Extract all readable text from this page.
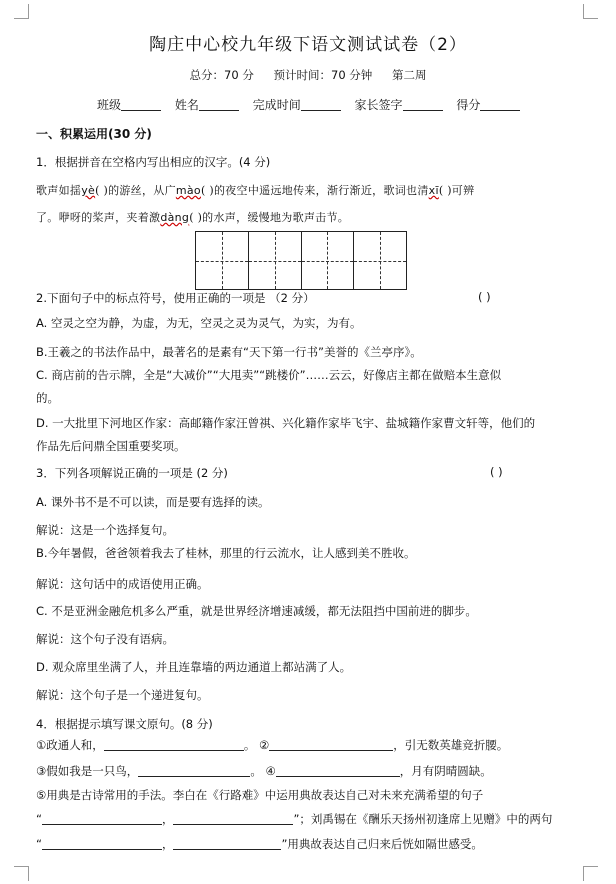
陶庄中心校九年级下语文测试试卷（2）
总分：70 分 预计时间：70 分钟 第二周
班级	姓名	完成时间	家长签字	得分
一、积累运用(30 分)
1．根据拼音在空格内写出相应的汉字。(4 分)
歌声如揺yè( )的游丝，从广mào( )的夜空中遥远地传来，渐行渐近，歌词也清xī( )可辨
了。咿呀的桨声，夹着激dàng( )的水声，缓慢地为歌声击节。
2.下面句子中的标点符号，使用正确的一项是 （2 分）	( )
A. 空灵之空为静，为虚，为无，空灵之灵为灵气，为实，为有。
B.王羲之的书法作品中，最著名的是素有“天下第一行书”美誉的《兰亭序》。
C. 商店前的告示牌，全是“大减价”“大甩卖”“跳楼价”……云云，好像店主都在做赔本生意似
的。
D. 一大批里下河地区作家：高邮籍作家汪曾祺、兴化籍作家毕飞宇、盐城籍作家曹文轩等，他们的
作品先后问鼎全国重要奖项。
3．下列各项解说正确的一项是 (2 分)	( )
A. 课外书不是不可以读，而是要有选择的读。
解说：这是一个选择复句。
B.今年暑假，爸爸领着我去了桂林，那里的行云流水，让人感到美不胜收。
解说：这句话中的成语使用正确。
C. 不是亚洲金融危机多么严重，就是世界经济增速减缓，都无法阻挡中国前进的脚步。
解说：这个句子没有语病。
D. 观众席里坐满了人，并且连靠墙的两边通道上都站满了人。
解说：这个句子是一个递进复句。
4．根据提示填写课文原句。(8 分)
①政通人和，	。 ②	，引无数英雄竞折腰。
③假如我是一只鸟，	。 ④	，月有阴晴圆缺。
⑤用典是古诗常用的手法。李白在《行路难》中运用典故表达自己对未来充满希望的句子
“	，	”；刘禹锡在《酬乐天扬州初逢席上见赠》中的两句
“	，	”用典故表达自己归来后恍如隔世感受。
